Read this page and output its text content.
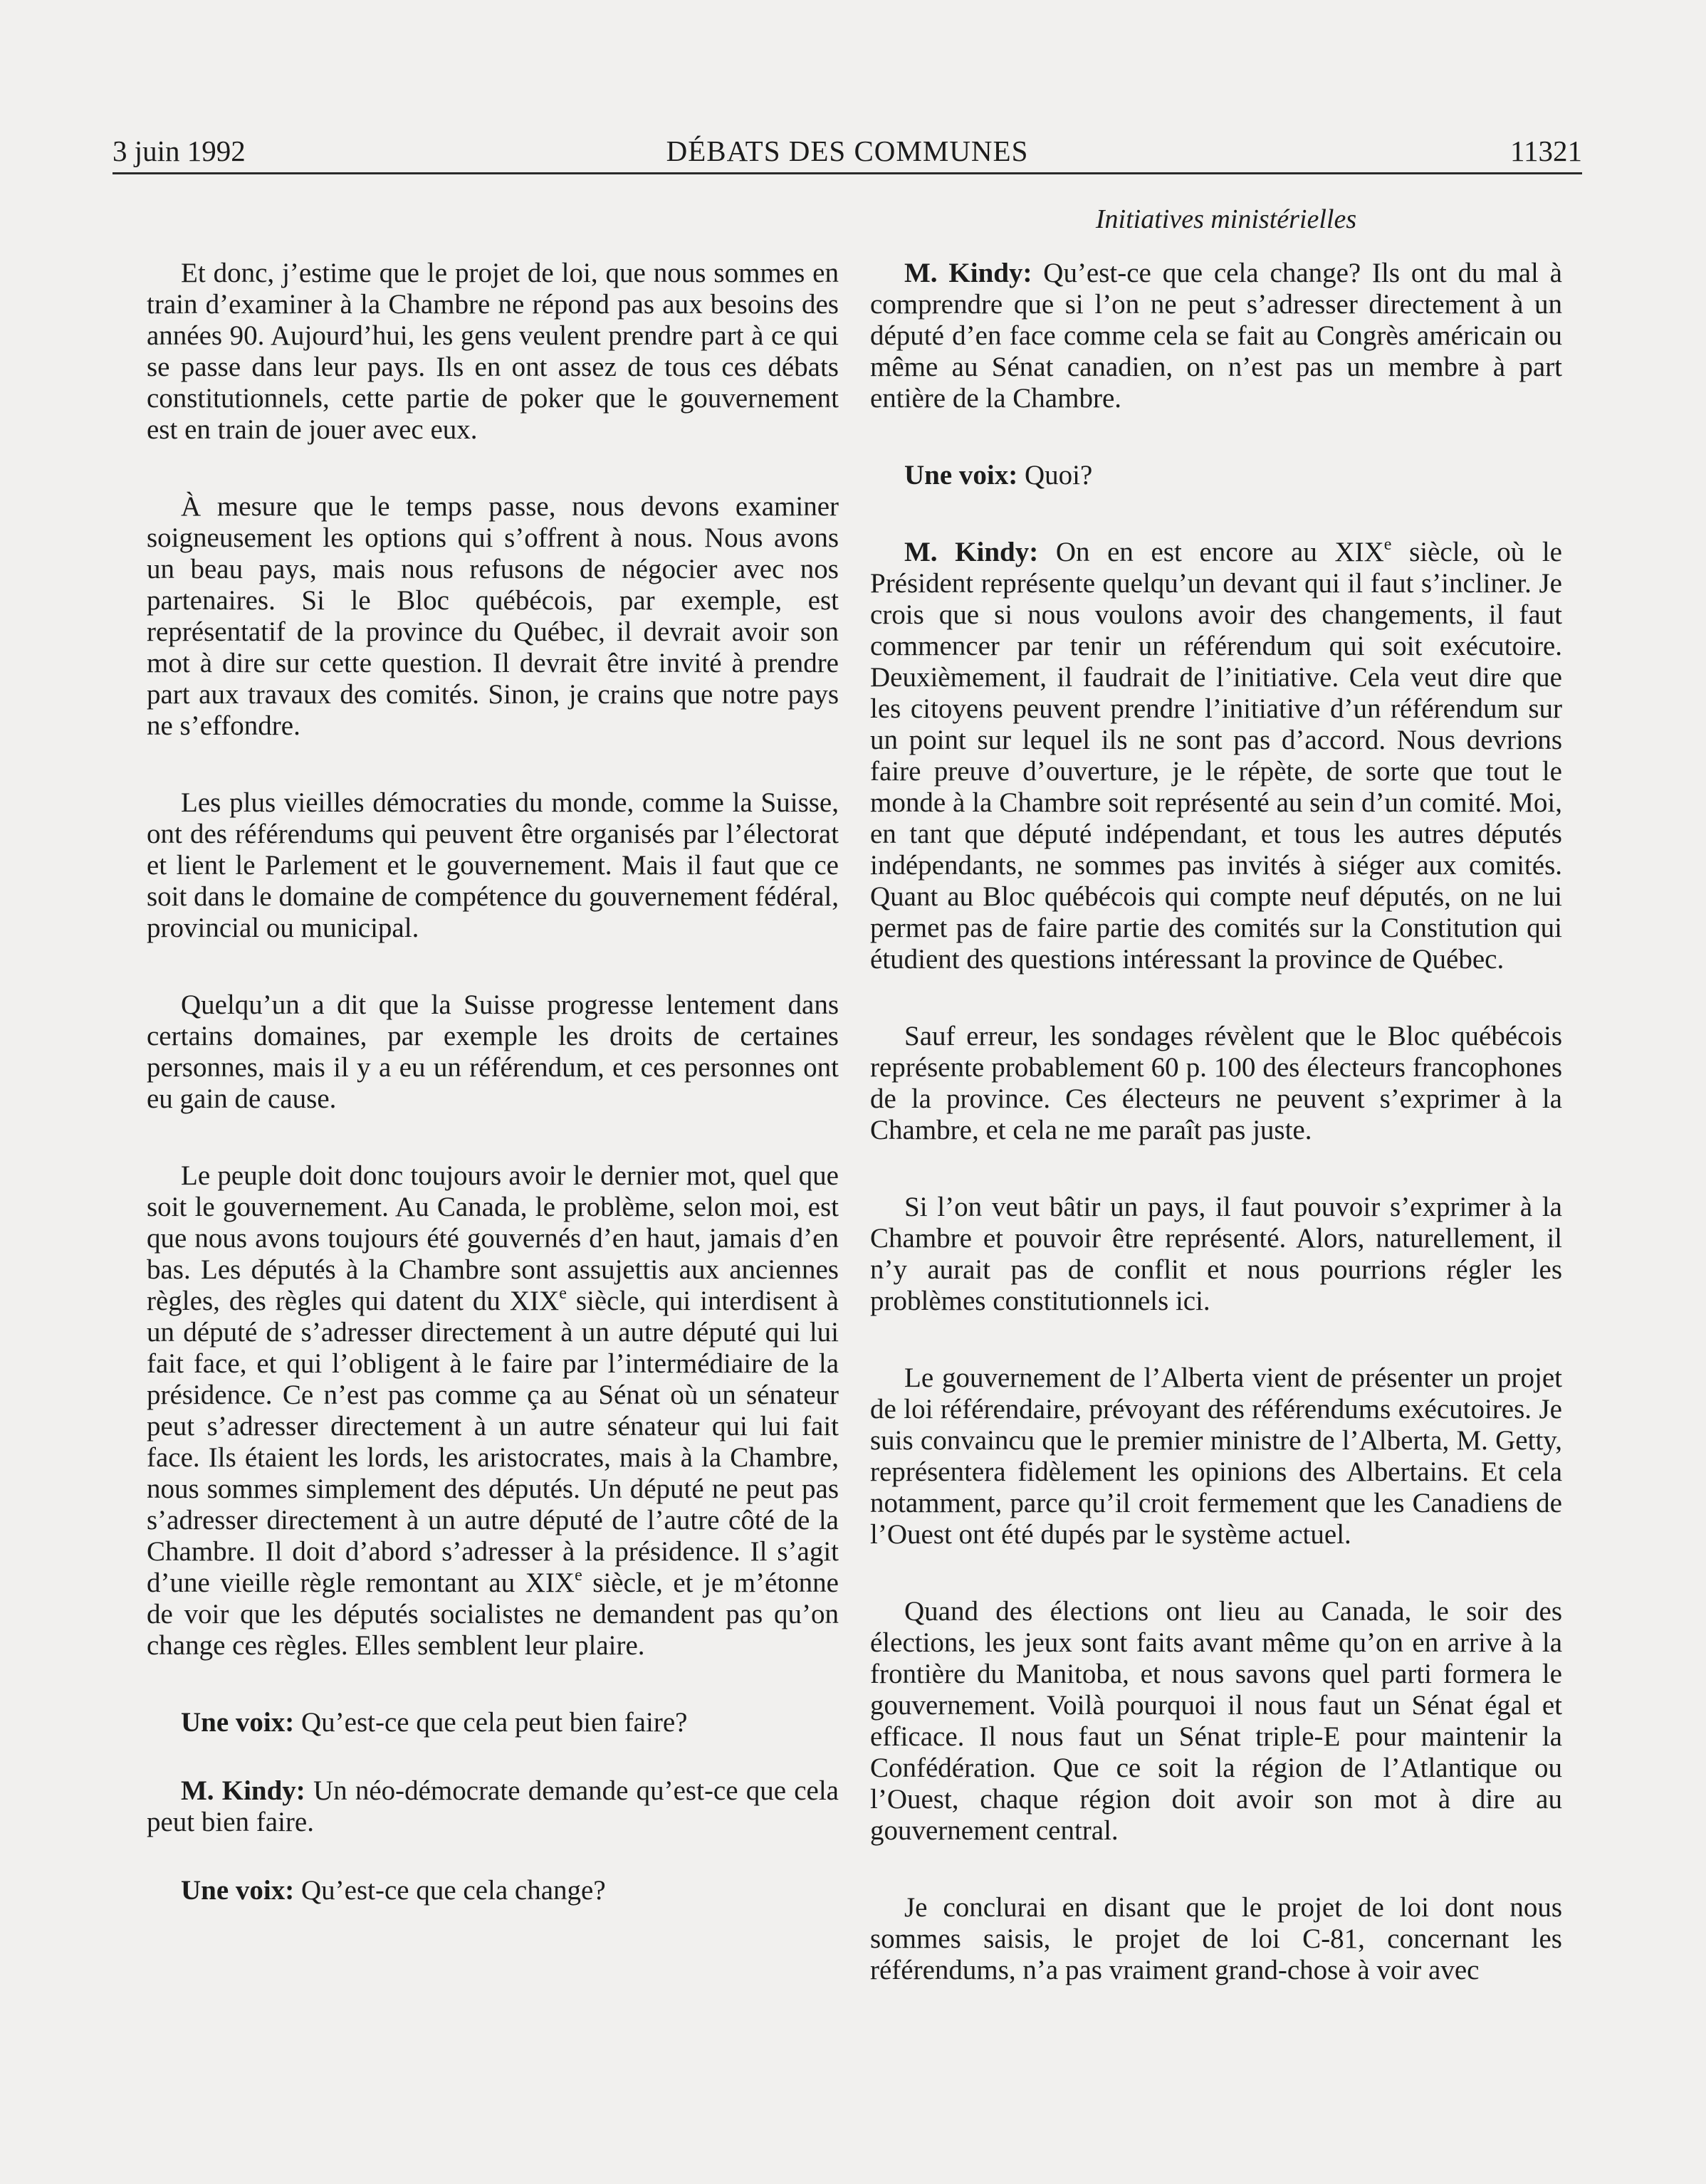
3 juin 1992	DÉBATS DES COMMUNES	11321
Initiatives ministérielles

Et donc, j’estime que le projet de loi, que nous sommes en train d’examiner à la Chambre ne répond pas aux besoins des années 90. Aujourd’hui, les gens veulent prendre part à ce qui se passe dans leur pays. Ils en ont assez de tous ces débats constitutionnels, cette partie de poker que le gouvernement est en train de jouer avec eux.

À mesure que le temps passe, nous devons examiner soigneusement les options qui s’offrent à nous. Nous avons un beau pays, mais nous refusons de négocier avec nos partenaires. Si le Bloc québécois, par exemple, est représentatif de la province du Québec, il devrait avoir son mot à dire sur cette question. Il devrait être invité à prendre part aux travaux des comités. Sinon, je crains que notre pays ne s’effondre.

Les plus vieilles démocraties du monde, comme la Suisse, ont des référendums qui peuvent être organisés par l’électorat et lient le Parlement et le gouvernement. Mais il faut que ce soit dans le domaine de compétence du gouvernement fédéral, provincial ou municipal.

Quelqu’un a dit que la Suisse progresse lentement dans certains domaines, par exemple les droits de certaines personnes, mais il y a eu un référendum, et ces personnes ont eu gain de cause.

Le peuple doit donc toujours avoir le dernier mot, quel que soit le gouvernement. Au Canada, le problème, selon moi, est que nous avons toujours été gouvernés d’en haut, jamais d’en bas. Les députés à la Chambre sont assujettis aux anciennes règles, des règles qui datent du XIXe siècle, qui interdisent à un député de s’adresser directement à un autre député qui lui fait face, et qui l’obligent à le faire par l’intermédiaire de la présidence. Ce n’est pas comme ça au Sénat où un sénateur peut s’adresser directement à un autre sénateur qui lui fait face. Ils étaient les lords, les aristocrates, mais à la Chambre, nous sommes simplement des députés. Un député ne peut pas s’adresser directement à un autre député de l’autre côté de la Chambre. Il doit d’abord s’adresser à la présidence. Il s’agit d’une vieille règle remontant au XIXe siècle, et je m’étonne de voir que les députés socialistes ne demandent pas qu’on change ces règles. Elles semblent leur plaire.

Une voix: Qu’est-ce que cela peut bien faire?

M. Kindy: Un néo-démocrate demande qu’est-ce que cela peut bien faire.

Une voix: Qu’est-ce que cela change?

M. Kindy: Qu’est-ce que cela change? Ils ont du mal à comprendre que si l’on ne peut s’adresser directement à un député d’en face comme cela se fait au Congrès américain ou même au Sénat canadien, on n’est pas un membre à part entière de la Chambre.

Une voix: Quoi?

M. Kindy: On en est encore au XIXe siècle, où le Président représente quelqu’un devant qui il faut s’incliner. Je crois que si nous voulons avoir des changements, il faut commencer par tenir un référendum qui soit exécutoire. Deuxièmement, il faudrait de l’initiative. Cela veut dire que les citoyens peuvent prendre l’initiative d’un référendum sur un point sur lequel ils ne sont pas d’accord. Nous devrions faire preuve d’ouverture, je le répète, de sorte que tout le monde à la Chambre soit représenté au sein d’un comité. Moi, en tant que député indépendant, et tous les autres députés indépendants, ne sommes pas invités à siéger aux comités. Quant au Bloc québécois qui compte neuf députés, on ne lui permet pas de faire partie des comités sur la Constitution qui étudient des questions intéressant la province de Québec.

Sauf erreur, les sondages révèlent que le Bloc québécois représente probablement 60 p. 100 des électeurs francophones de la province. Ces électeurs ne peuvent s’exprimer à la Chambre, et cela ne me paraît pas juste.

Si l’on veut bâtir un pays, il faut pouvoir s’exprimer à la Chambre et pouvoir être représenté. Alors, naturellement, il n’y aurait pas de conflit et nous pourrions régler les problèmes constitutionnels ici.

Le gouvernement de l’Alberta vient de présenter un projet de loi référendaire, prévoyant des référendums exécutoires. Je suis convaincu que le premier ministre de l’Alberta, M. Getty, représentera fidèlement les opinions des Albertains. Et cela notamment, parce qu’il croit fermement que les Canadiens de l’Ouest ont été dupés par le système actuel.

Quand des élections ont lieu au Canada, le soir des élections, les jeux sont faits avant même qu’on en arrive à la frontière du Manitoba, et nous savons quel parti formera le gouvernement. Voilà pourquoi il nous faut un Sénat égal et efficace. Il nous faut un Sénat triple-E pour maintenir la Confédération. Que ce soit la région de l’Atlantique ou l’Ouest, chaque région doit avoir son mot à dire au gouvernement central.

Je conclurai en disant que le projet de loi dont nous sommes saisis, le projet de loi C-81, concernant les référendums, n’a pas vraiment grand-chose à voir avec
